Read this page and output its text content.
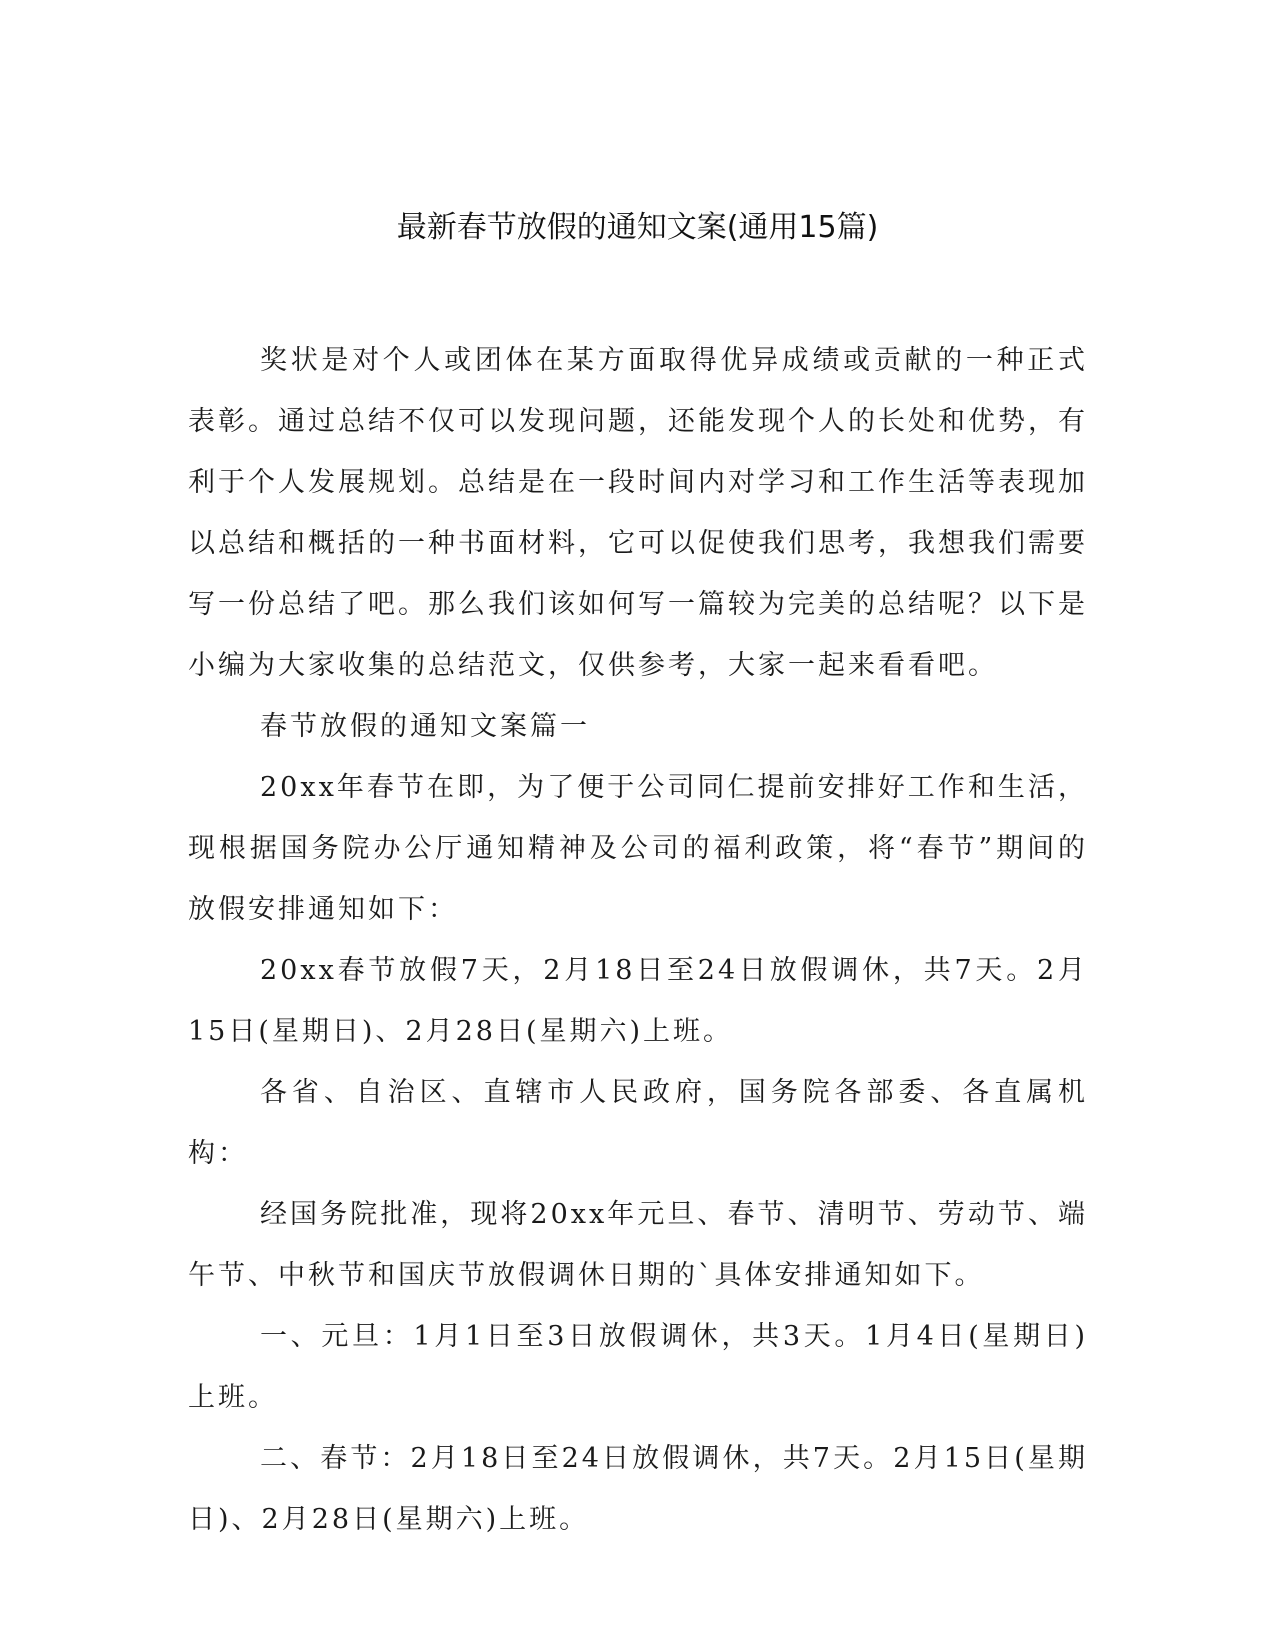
最新春节放假的通知文案(通用15篇)

奖状是对个人或团体在某方面取得优异成绩或贡献的一种正式表彰。通过总结不仅可以发现问题，还能发现个人的长处和优势，有利于个人发展规划。总结是在一段时间内对学习和工作生活等表现加以总结和概括的一种书面材料，它可以促使我们思考，我想我们需要写一份总结了吧。那么我们该如何写一篇较为完美的总结呢？以下是小编为大家收集的总结范文，仅供参考，大家一起来看看吧。

春节放假的通知文案篇一

20xx年春节在即，为了便于公司同仁提前安排好工作和生活，现根据国务院办公厅通知精神及公司的福利政策，将“春节”期间的放假安排通知如下：

20xx春节放假7天，2月18日至24日放假调休，共7天。2月15日(星期日)、2月28日(星期六)上班。

各省、自治区、直辖市人民政府，国务院各部委、各直属机构：

经国务院批准，现将20xx年元旦、春节、清明节、劳动节、端午节、中秋节和国庆节放假调休日期的`具体安排通知如下。

一、元旦：1月1日至3日放假调休，共3天。1月4日(星期日)上班。

二、春节：2月18日至24日放假调休，共7天。2月15日(星期日)、2月28日(星期六)上班。
